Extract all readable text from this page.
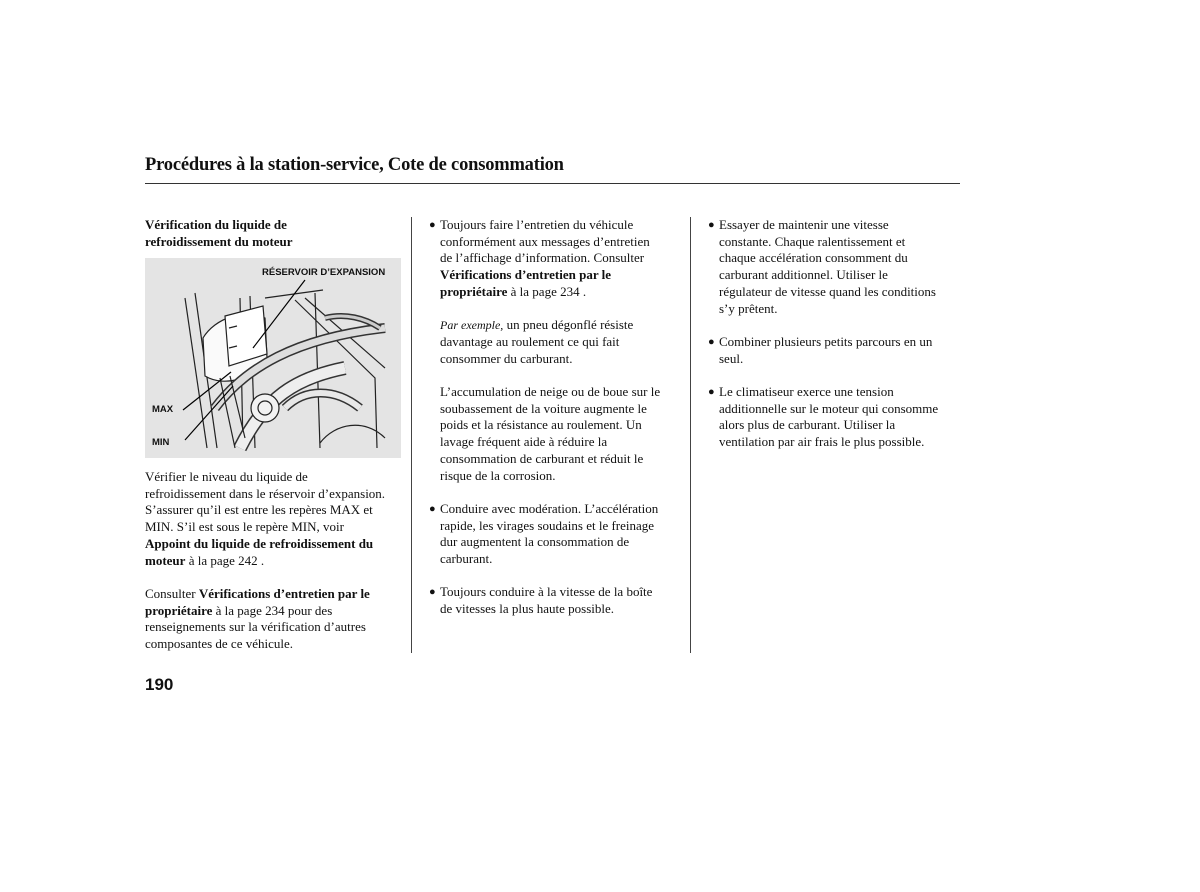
Procédures à la station-service, Cote de consommation

Vérification du liquide de

refroidissement du moteur

RÉSERVOIR D’EXPANSION
MAX
MIN

Vérifier le niveau du liquide de

refroidissement dans le réservoir d’expansion.

S’assurer qu’il est entre les repères MAX et

MIN. S’il est sous le repère MIN, voir

Appoint du liquide de refroidissement du

moteur à la page 242 .

Consulter Vérifications d’entretien par le

propriétaire à la page 234 pour des

renseignements sur la vérification d’autres

composantes de ce véhicule.

● Toujours faire l’entretien du véhicule

conformément aux messages d’entretien

de l’affichage d’information. Consulter

Vérifications d’entretien par le

propriétaire à la page 234 .

Par exemple, un pneu dégonflé résiste

davantage au roulement ce qui fait

consommer du carburant.

L’accumulation de neige ou de boue sur le

soubassement de la voiture augmente le

poids et la résistance au roulement. Un

lavage fréquent aide à réduire la

consommation de carburant et réduit le

risque de la corrosion.

● Conduire avec modération. L’accélération

rapide, les virages soudains et le freinage

dur augmentent la consommation de

carburant.

● Toujours conduire à la vitesse de la boîte

de vitesses la plus haute possible.

● Essayer de maintenir une vitesse

constante. Chaque ralentissement et

chaque accélération consomment du

carburant additionnel. Utiliser le

régulateur de vitesse quand les conditions

s’y prêtent.

● Combiner plusieurs petits parcours en un

seul.

● Le climatiseur exerce une tension

additionnelle sur le moteur qui consomme

alors plus de carburant. Utiliser la

ventilation par air frais le plus possible.

190
